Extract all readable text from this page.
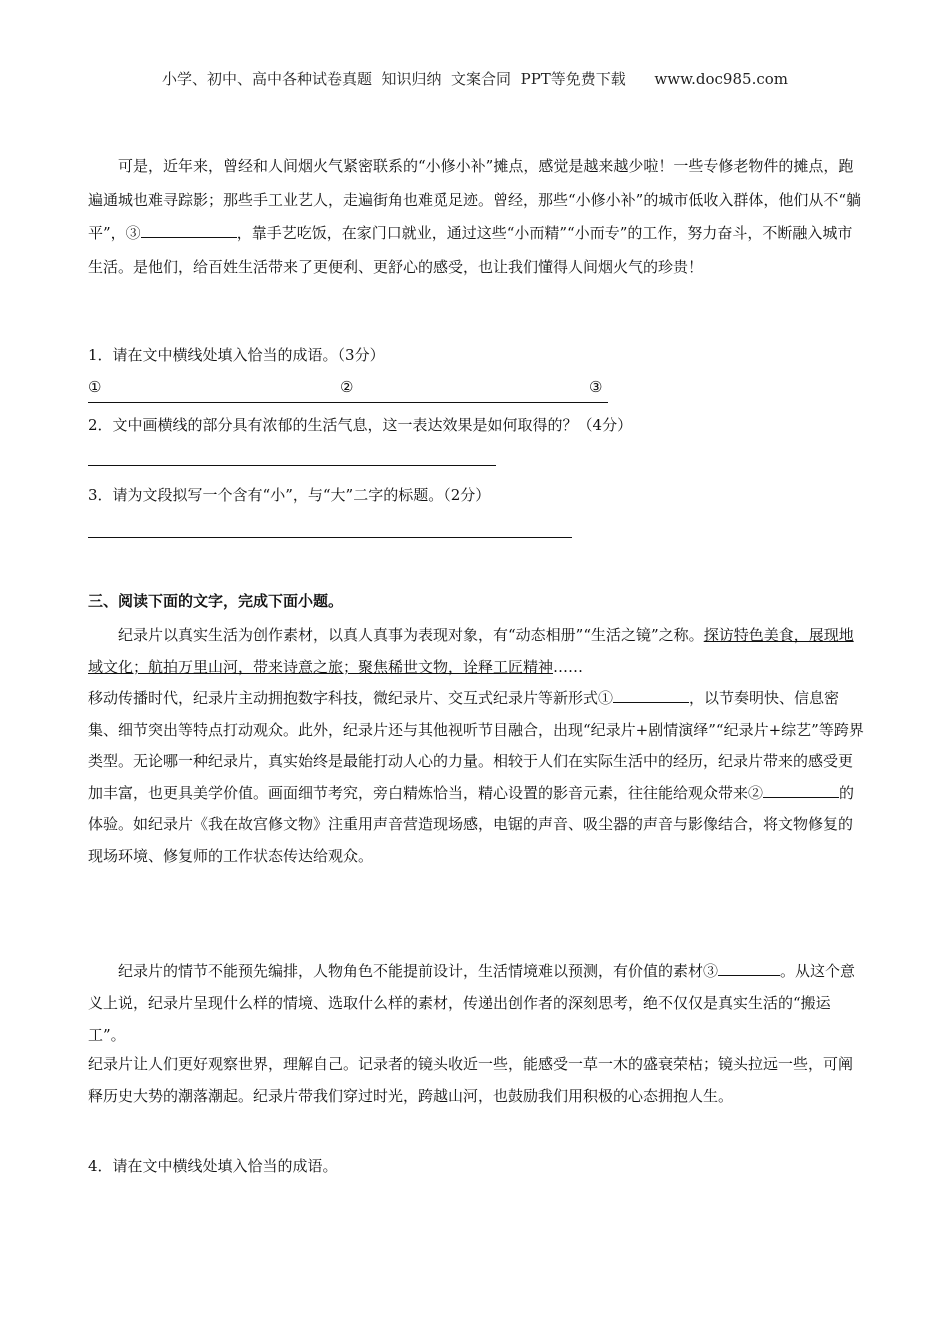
小学、初中、高中各种试卷真题  知识归纳  文案合同  PPT等免费下载      www.doc985.com
可是，近年来，曾经和人间烟火气紧密联系的“小修小补”摊点，感觉是越来越少啦！一些专修老物件的摊点，跑遍通城也难寻踪影；那些手工业艺人，走遍街角也难觅足迹。曾经，那些“小修小补”的城市低收入群体，他们从不“躺平”，③	，靠手艺吃饭，在家门口就业，通过这些“小而精”“小而专”的工作，努力奋斗，不断融入城市生活。是他们，给百姓生活带来了更便利、更舒心的感受，也让我们懂得人间烟火气的珍贵！
1．请在文中横线处填入恰当的成语。（3分）
①	②	③
2．文中画横线的部分具有浓郁的生活气息，这一表达效果是如何取得的？（4分）
3．请为文段拟写一个含有“小”，与“大”二字的标题。（2分）
三、阅读下面的文字，完成下面小题。
纪录片以真实生活为创作素材，以真人真事为表现对象，有“动态相册”“生活之镜”之称。探访特色美食，展现地域文化；航拍万里山河，带来诗意之旅；聚焦稀世文物，诠释工匠精神……
移动传播时代，纪录片主动拥抱数字科技，微纪录片、交互式纪录片等新形式①	，以节奏明快、信息密集、细节突出等特点打动观众。此外，纪录片还与其他视听节目融合，出现“纪录片+剧情演绎”“纪录片+综艺”等跨界类型。无论哪一种纪录片，真实始终是最能打动人心的力量。相较于人们在实际生活中的经历，纪录片带来的感受更加丰富，也更具美学价值。画面细节考究，旁白精炼恰当，精心设置的影音元素，往往能给观众带来②	的体验。如纪录片《我在故宫修文物》注重用声音营造现场感，电锯的声音、吸尘器的声音与影像结合，将文物修复的现场环境、修复师的工作状态传达给观众。
纪录片的情节不能预先编排，人物角色不能提前设计，生活情境难以预测，有价值的素材③	。从这个意义上说，纪录片呈现什么样的情境、选取什么样的素材，传递出创作者的深刻思考，绝不仅仅是真实生活的“搬运工”。
纪录片让人们更好观察世界，理解自己。记录者的镜头收近一些，能感受一草一木的盛衰荣枯；镜头拉远一些，可阐释历史大势的潮落潮起。纪录片带我们穿过时光，跨越山河，也鼓励我们用积极的心态拥抱人生。
4．请在文中横线处填入恰当的成语。
